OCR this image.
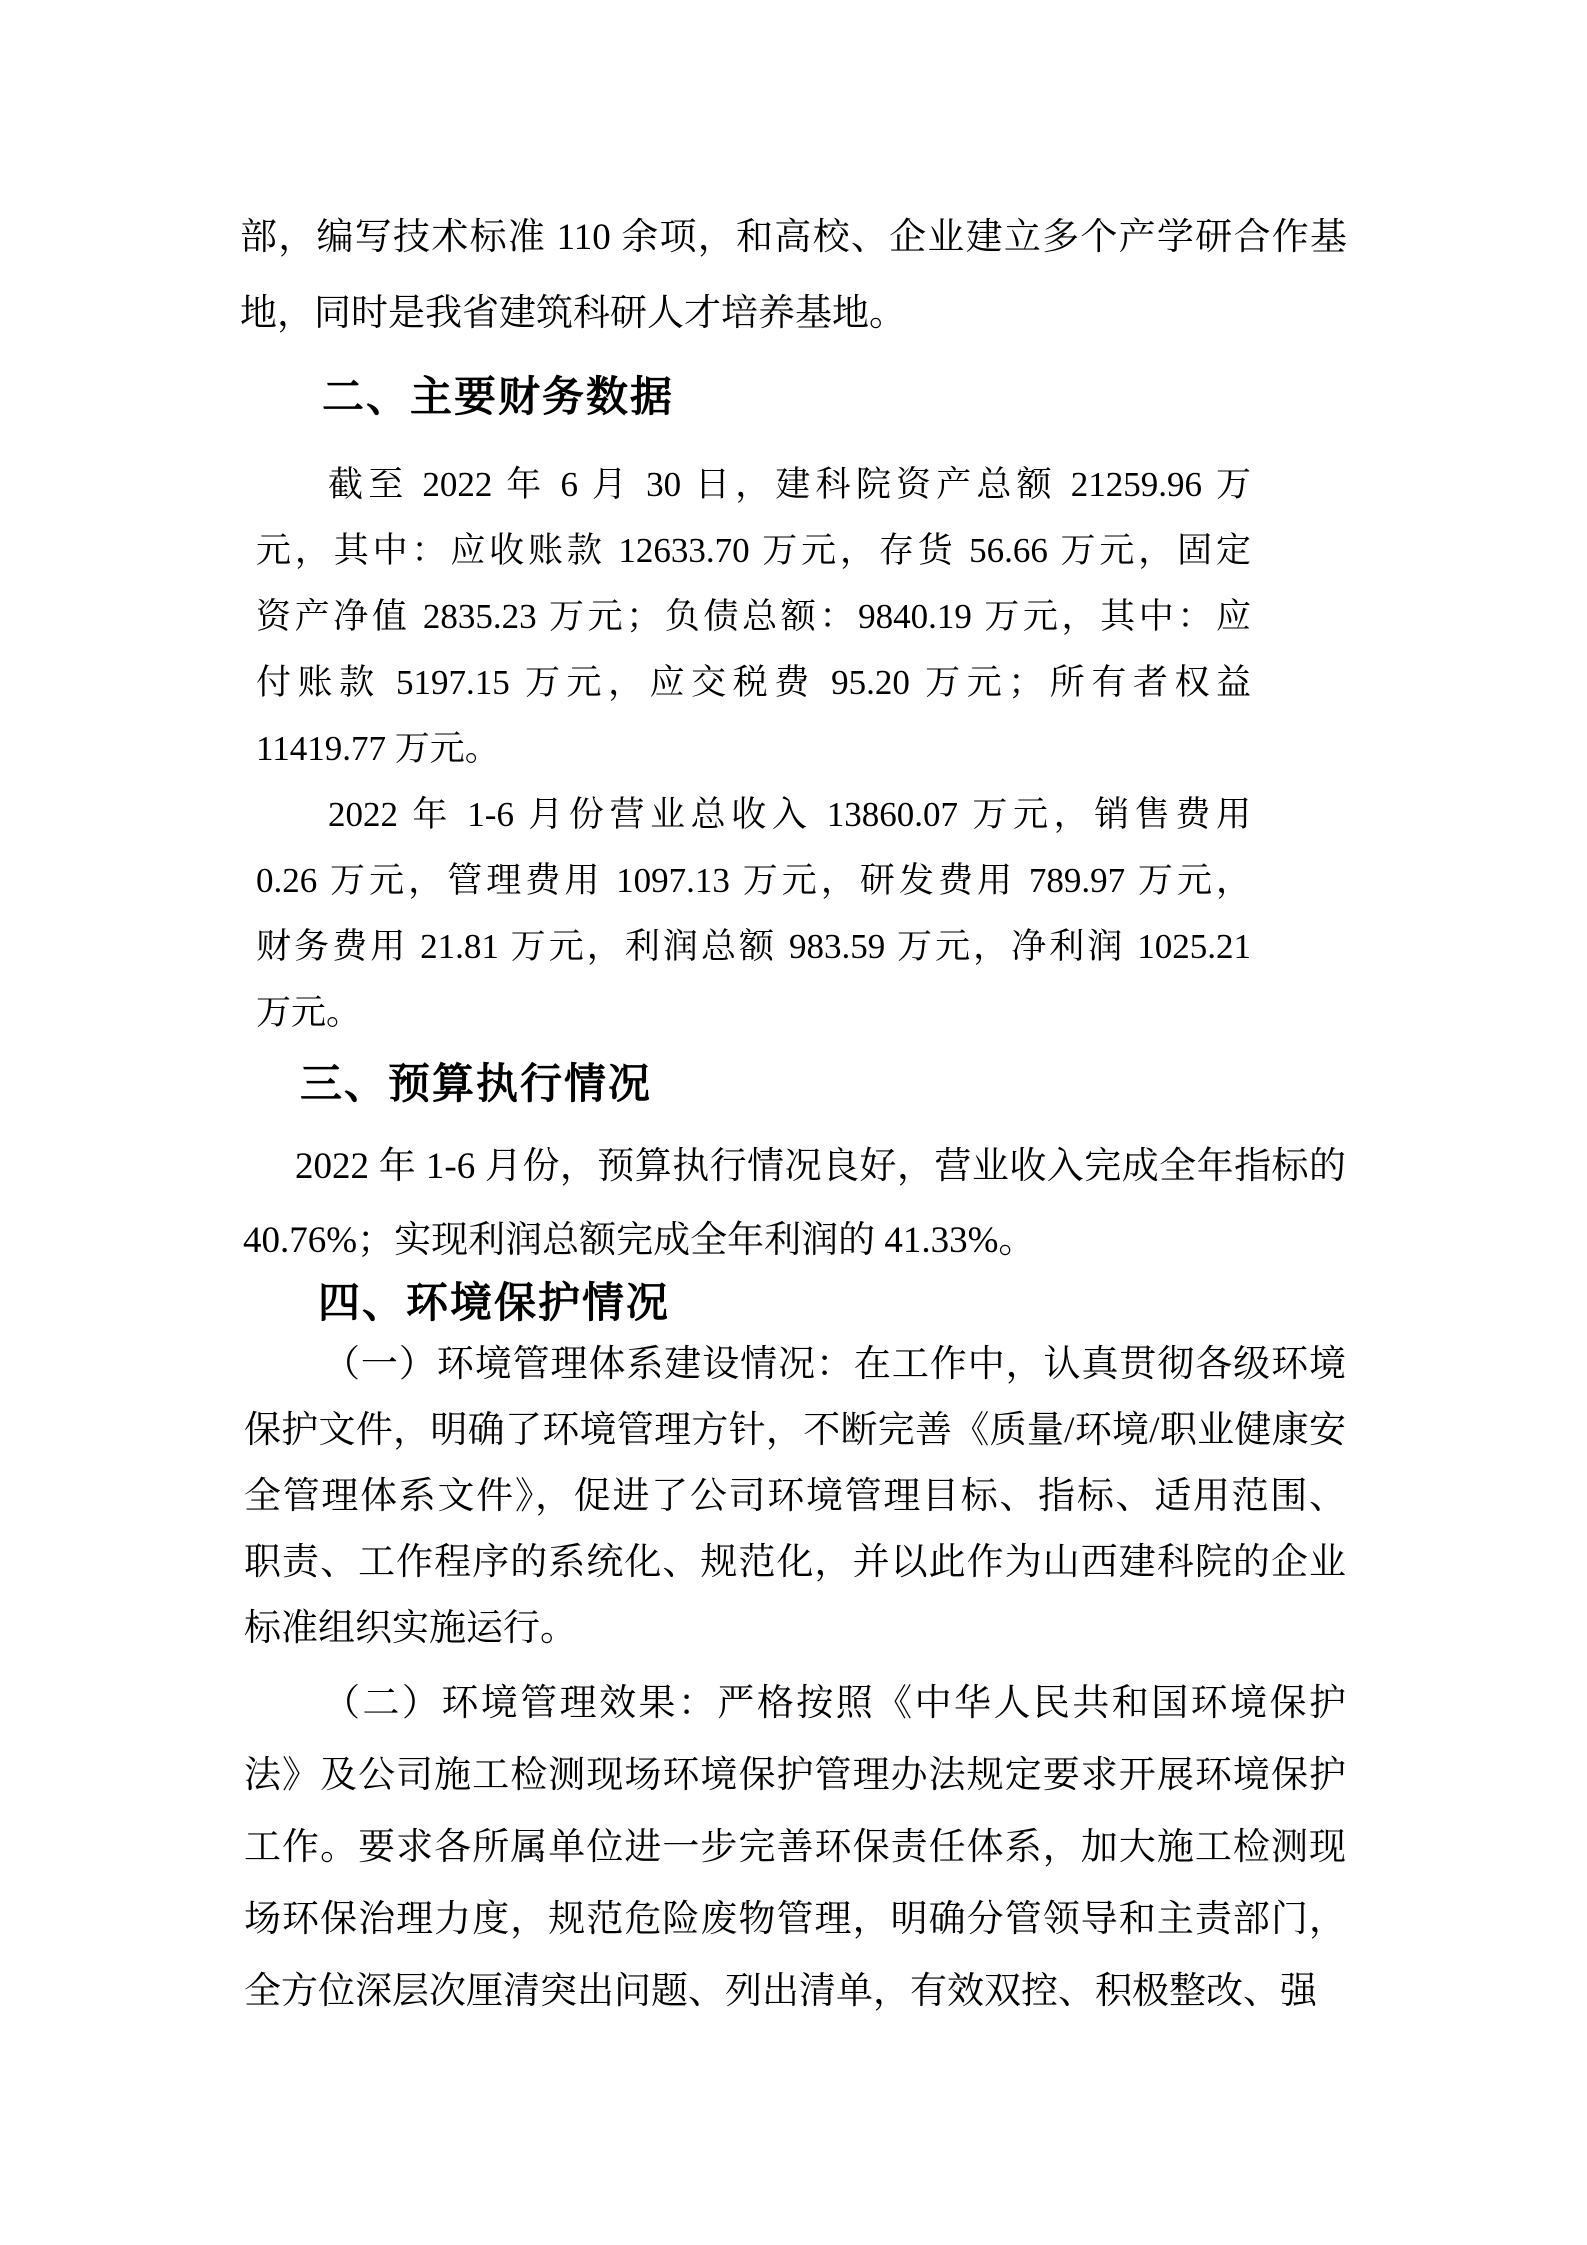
部，编写技术标准 110 余项，和高校、企业建立多个产学研合作基
地，同时是我省建筑科研人才培养基地。
二、主要财务数据
截至 2022 年 6 月 30 日，建科院资产总额 21259.96 万
元，其中：应收账款 12633.70 万元，存货 56.66 万元，固定
资产净值 2835.23 万元；负债总额：9840.19 万元，其中：应
付账款 5197.15 万元，应交税费 95.20 万元；所有者权益
11419.77 万元。
2022 年 1-6 月份营业总收入 13860.07 万元，销售费用
0.26 万元，管理费用 1097.13 万元，研发费用 789.97 万元，
财务费用 21.81 万元，利润总额 983.59 万元，净利润 1025.21
万元。
三、预算执行情况
2022 年 1-6 月份，预算执行情况良好，营业收入完成全年指标的
40.76%；实现利润总额完成全年利润的 41.33%。
四、环境保护情况
（一）环境管理体系建设情况：在工作中，认真贯彻各级环境
保护文件，明确了环境管理方针，不断完善《质量/环境/职业健康安
全管理体系文件》，促进了公司环境管理目标、指标、适用范围、
职责、工作程序的系统化、规范化，并以此作为山西建科院的企业
标准组织实施运行。
（二）环境管理效果：严格按照《中华人民共和国环境保护
法》及公司施工检测现场环境保护管理办法规定要求开展环境保护
工作。要求各所属单位进一步完善环保责任体系，加大施工检测现
场环保治理力度，规范危险废物管理，明确分管领导和主责部门，
全方位深层次厘清突出问题、列出清单，有效双控、积极整改、强
